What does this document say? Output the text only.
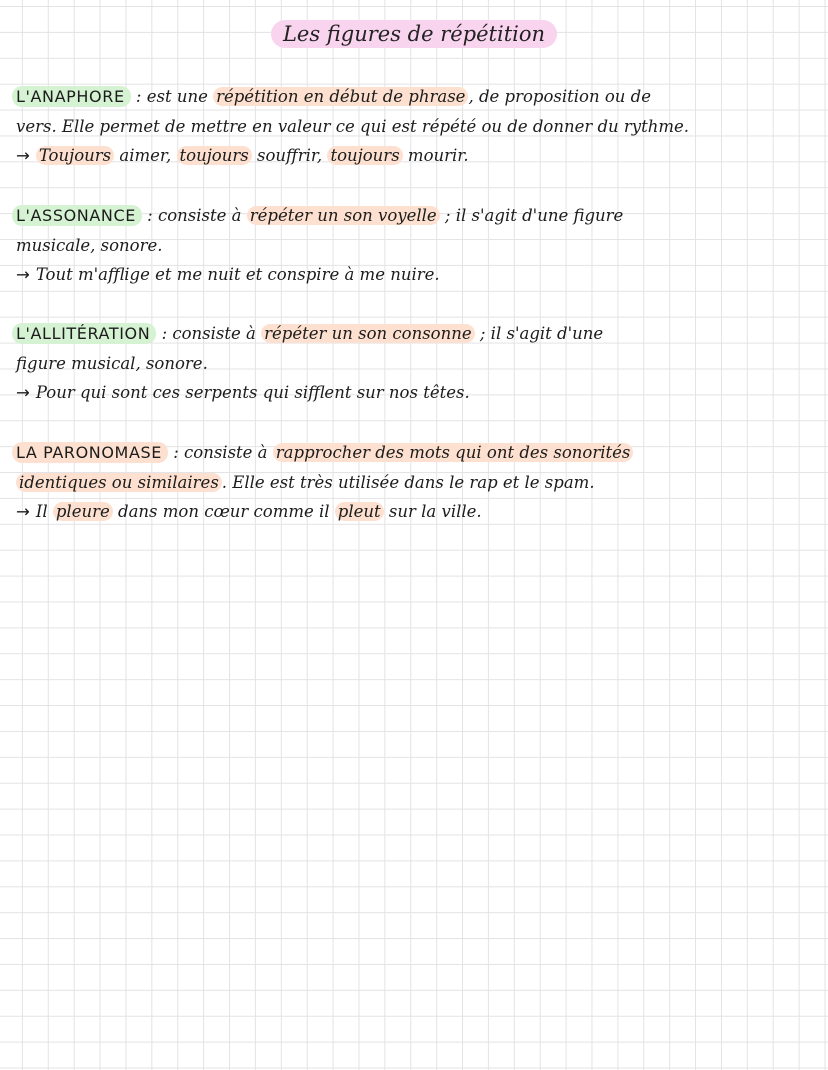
Les figures de répétition
L'ANAPHORE : est une répétition en début de phrase , de proposition ou de
vers. Elle permet de mettre en valeur ce qui est répété ou de donner du rythme.
→ Toujours aimer, toujours souffrir, toujours mourir.
L'ASSONANCE : consiste à répéter un son voyelle ; il s'agit d'une figure
musicale, sonore.
→ Tout m'afflige et me nuit et conspire à me nuire.
L'ALLITÉRATION : consiste à répéter un son consonne ; il s'agit d'une
figure musical, sonore.
→ Pour qui sont ces serpents qui sifflent sur nos têtes.
LA PARONOMASE : consiste à rapprocher des mots qui ont des sonorités
identiques ou similaires . Elle est très utilisée dans le rap et le spam.
→ Il pleure dans mon cœur comme il pleut sur la ville.
